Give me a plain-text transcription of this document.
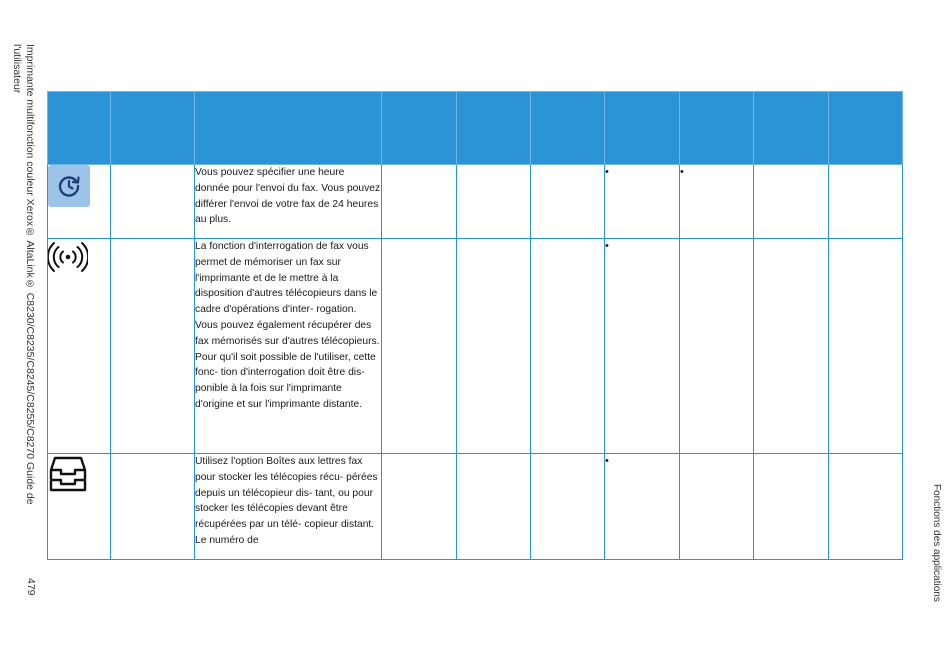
Imprimante multifonction couleur Xerox® AltaLink® C8230/C8235/C8245/C8255/C8270 Guide de
l'utilisateur
479	Fonctions des applications

		Vous pouvez spécifier une heure donnée pour l'envoi du fax. Vous pouvez différer l'envoi de votre fax de 24 heures au plus.				•	•		
		La fonction d'interrogation de fax vous permet de mémoriser un fax sur l'imprimante et de le mettre à la disposition d'autres télécopieurs dans le cadre d'opérations d'inter- rogation. Vous pouvez également récupérer des fax mémorisés sur d'autres télécopieurs. Pour qu'il soit possible de l'utiliser, cette fonc- tion d'interrogation doit être dis- ponible à la fois sur l'imprimante d'origine et sur l'imprimante distante.				•			
		Utilisez l'option Boîtes aux lettres fax pour stocker les télécopies récu- pérées depuis un télécopieur dis- tant, ou pour stocker les télécopies devant être récupérées par un télé- copieur distant. Le numéro de				•			
